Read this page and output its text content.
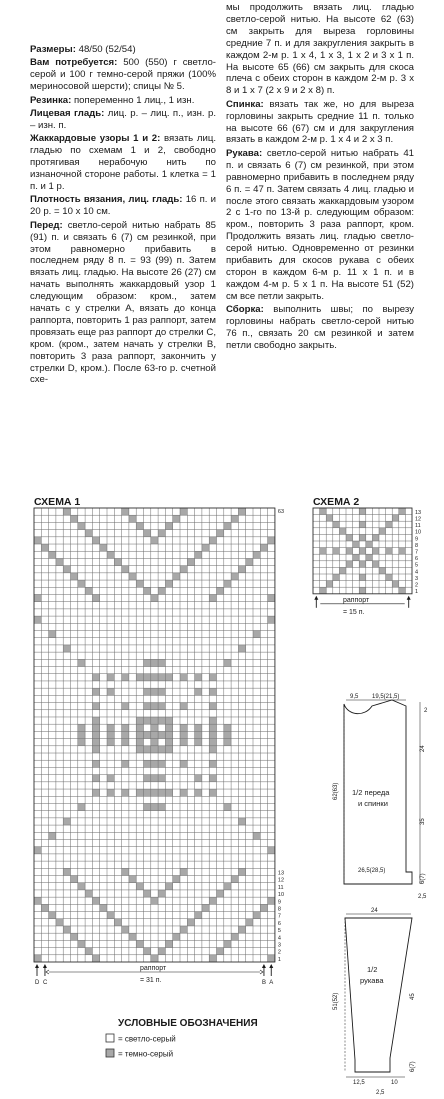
Размеры: 48/50 (52/54)

Вам потребуется: 500 (550) г светло-серой и 100 г темно-серой пряжи (100% мериносовой шерсти); спицы № 5.

Резинка: попеременно 1 лиц., 1 изн.

Лицевая гладь: лиц. р. – лиц. п., изн. р. – изн. п.

Жаккардовые узоры 1 и 2: вязать лиц. гладью по схемам 1 и 2, свободно протягивая нерабочую нить по изнаночной стороне работы. 1 клетка = 1 п. и 1 р.

Плотность вязания, лиц. гладь: 16 п. и 20 р. = 10 х 10 см.

Перед: светло-серой нитью набрать 85 (91) п. и связать 6 (7) см резинкой, при этом равномерно прибавить в последнем ряду 8 п. = 93 (99) п. Затем вязать лиц. гладью. На высоте 26 (27) см начать выполнять жаккардовый узор 1 следующим образом: кром., затем начать с у стрелки А, вязать до конца раппорта, повторить 1 раз раппорт, затем провязать еще раз раппорт до стрелки С, кром. (кром., затем начать у стрелки В, повторить 3 раза раппорт, закончить у стрелки D, кром.). После 63-го р. счетной схе-

мы продолжить вязать лиц. гладью светло-серой нитью. На высоте 62 (63) см закрыть для выреза горловины средние 7 п. и для закругления закрыть в каждом 2-м р. 1 х 4, 1 х 3, 1 х 2 и 3 х 1 п. На высоте 65 (66) см закрыть для скоса плеча с обеих сторон в каждом 2-м р. 3 х 8 и 1 х 7 (2 х 9 и 2 х 8) п.

Спинка: вязать так же, но для выреза горловины закрыть средние 11 п. только на высоте 66 (67) см и для закругления вязать в каждом 2-м р. 1 х 4 и 2 х 3 п.

Рукава: светло-серой нитью набрать 41 п. и связать 6 (7) см резинкой, при этом равномерно прибавить в последнем ряду 6 п. = 47 п. Затем связать 4 лиц. гладью и после этого связать жаккардовым узором 2 с 1-го по 13-й р. следующим образом: кром., повторить 3 раза раппорт, кром. Продолжить вязать лиц. гладью светло-серой нитью. Одновременно от резинки прибавить для скосов рукава с обеих сторон в каждом 6-м р. 11 х 1 п. и в каждом 4-м р. 5 х 1 п. На высоте 51 (52) см все петли закрыть.

Сборка: выполнить швы; по вырезу горловины набрать светло-серой нитью 76 п., связать 20 см резинкой и затем петли свободно закрыть.

СХЕМА 1	СХЕМА 2
УСЛОВНЫЕ ОБОЗНАЧЕНИЯ
63
13
12
11
10
9
8
7
6
5
4
3
2
1
D C	B A
раппорт
= 31 п.
13
12
11
10
9
8
7
6
5
4
3
2
1
раппорт
= 15 п.
1/2 переда
и спинки
9,5 19,5(21,5)
62(63)
2
24
35
6(7)
26,5(28,5)
2,5
1/2
рукава
24
51(52)	45
6(7)
12,5	10
2,5
= светло-серый
= темно-серый
